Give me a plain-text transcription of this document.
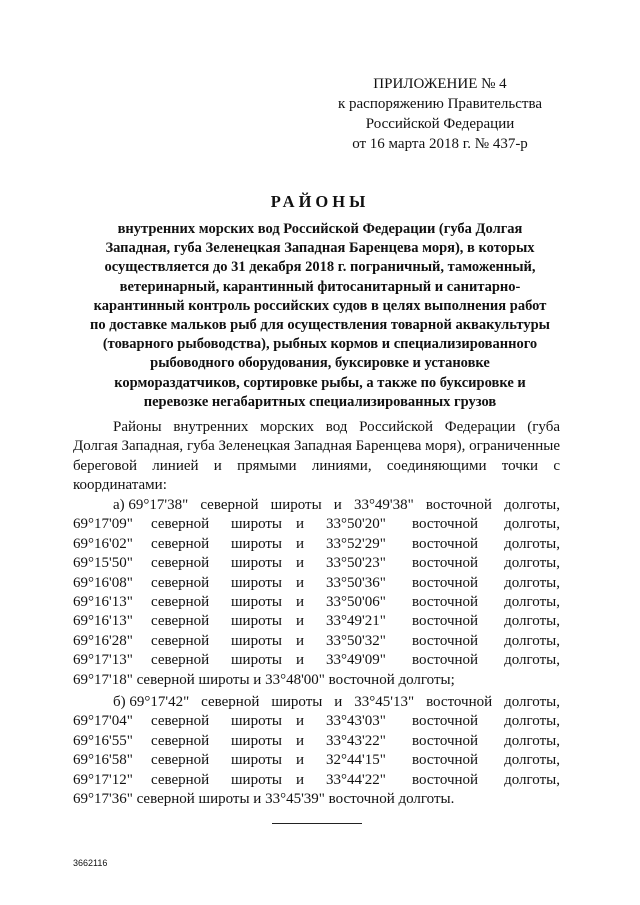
ПРИЛОЖЕНИЕ № 4
к распоряжению Правительства
Российской Федерации
от 16 марта 2018 г. № 437-р
РАЙОНЫ
внутренних морских вод Российской Федерации (губа Долгая
Западная, губа Зеленецкая Западная Баренцева моря), в которых
осуществляется до 31 декабря 2018 г. пограничный, таможенный,
ветеринарный, карантинный фитосанитарный и санитарно-
карантинный контроль российских судов в целях выполнения работ
по доставке мальков рыб для осуществления товарной аквакультуры
(товарного рыбоводства), рыбных кормов и специализированного
рыбоводного оборудования, буксировке и установке
кормораздатчиков, сортировке рыбы, а также по буксировке и
перевозке негабаритных специализированных грузов
Районы внутренних морских вод Российской Федерации (губа Долгая Западная, губа Зеленецкая Западная Баренцева моря), ограниченные береговой линией и прямыми линиями, соединяющими точки с координатами:
а) 69°17'38" северной широты и 33°49'38" восточной долготы,
69°17'09" северной широты и 33°50'20" восточной долготы,
69°16'02" северной широты и 33°52'29" восточной долготы,
69°15'50" северной широты и 33°50'23" восточной долготы,
69°16'08" северной широты и 33°50'36" восточной долготы,
69°16'13" северной широты и 33°50'06" восточной долготы,
69°16'13" северной широты и 33°49'21" восточной долготы,
69°16'28" северной широты и 33°50'32" восточной долготы,
69°17'13" северной широты и 33°49'09" восточной долготы,
69°17'18" северной широты и 33°48'00" восточной долготы;
б) 69°17'42" северной широты и 33°45'13" восточной долготы,
69°17'04" северной широты и 33°43'03" восточной долготы,
69°16'55" северной широты и 33°43'22" восточной долготы,
69°16'58" северной широты и 32°44'15" восточной долготы,
69°17'12" северной широты и 33°44'22" восточной долготы,
69°17'36" северной широты и 33°45'39" восточной долготы.
3662116
